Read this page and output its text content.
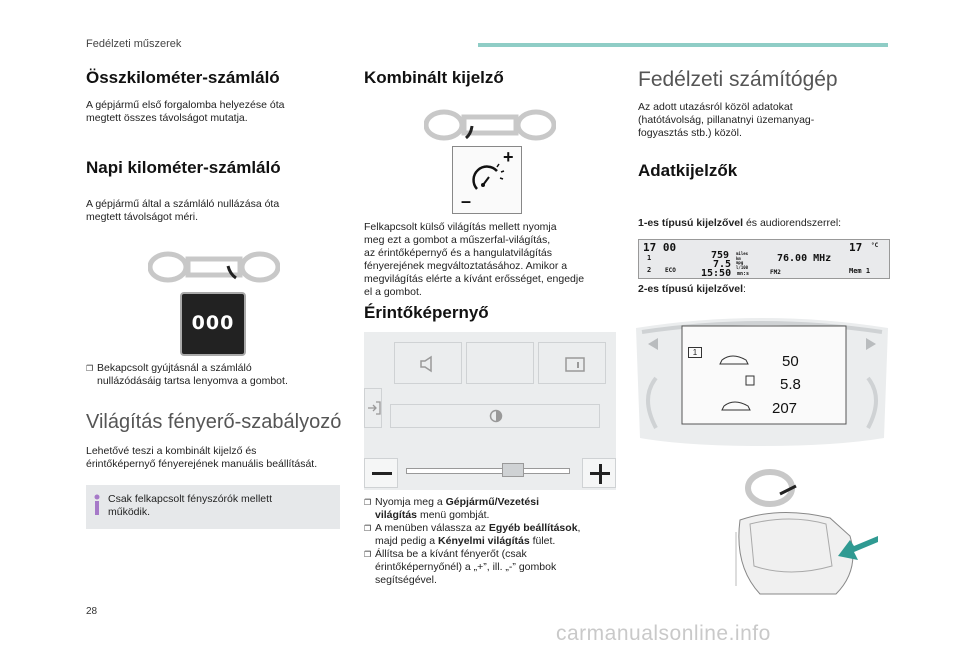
Fedélzeti műszerek
Összkilométer-számláló

A gépjármű első forgalomba helyezése óta
megtett összes távolságot mutatja.

Napi kilométer-számláló

A gépjármű által a számláló nullázása óta
megtett távolságot méri.

000
❐ Bekapcsolt gyújtásnál a számláló
nullázódásáig tartsa lenyomva a gombot.
Világítás fényerő-szabályozó

Lehetővé teszi a kombinált kijelző és
érintőképernyő fényerejének manuális beállítását.

Csak felkapcsolt fényszórók mellett
működik.
Kombinált kijelző
+
–

Felkapcsolt külső világítás mellett nyomja
meg ezt a gombot a műszerfal-világítás,
az érintőképernyő és a hangulatvilágítás
fényerejének megváltoztatásához. Amikor a
megvilágítás elérte a kívánt erősséget, engedje
el a gombot.

Érintőképernyő
❐ Nyomja meg a Gépjármű/Vezetési
világítás menü gombját.
❐ A menüben válassza az Egyéb beállítások,
majd pedig a Kényelmi világítás fület.
❐ Állítsa be a kívánt fényerőt (csak
érintőképernyőnél) a „+”, ill. „-” gombok
segítségével.
Fedélzeti számítógép

Az adott utazásról közöl adatokat
(hatótávolság, pillanatnyi üzemanyag-
fogyasztás stb.) közöl.

Adatkijelzők

1-es típusú kijelzővel és audiorendszerrel:

17 00	17 °C
1
2 ECO
759 miles km
7.5 mpg l/100
15:50 mn:s
76.00 MHz
FM2	Mem 1

2-es típusú kijelzővel:

1
50
5.8
207
28
carmanualsonline.info
